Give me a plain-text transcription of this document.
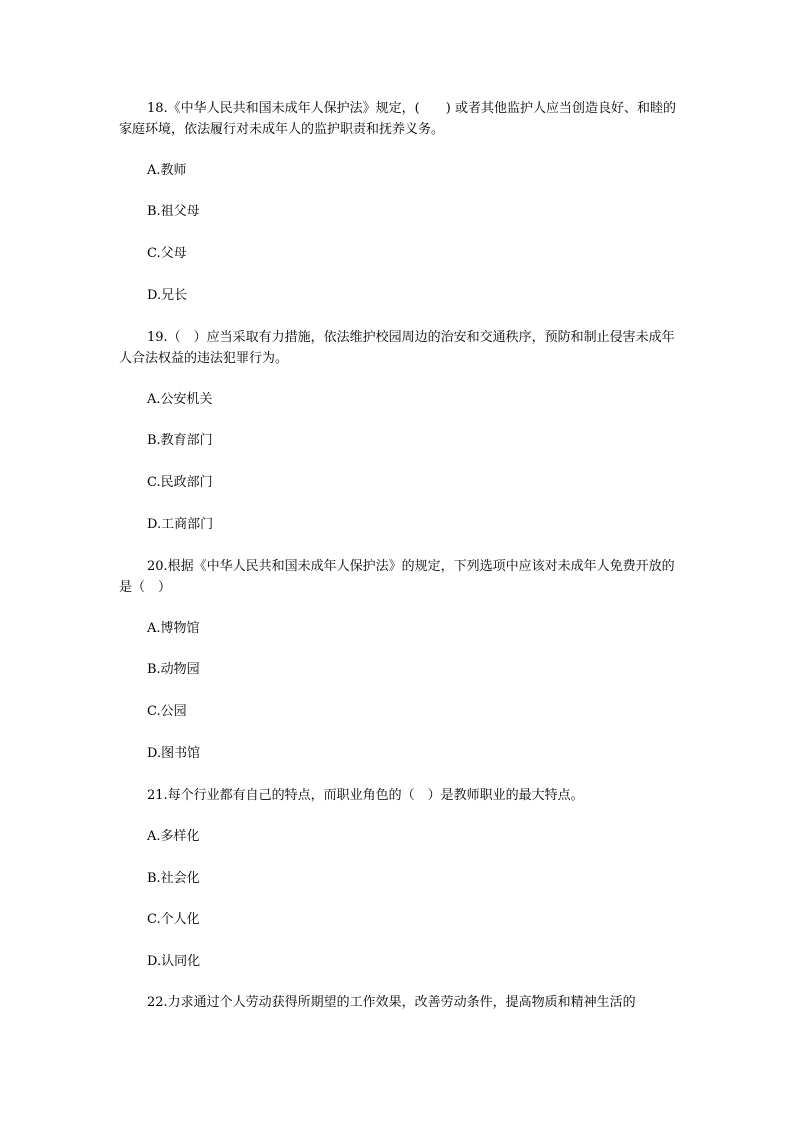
18.《中华人民共和国未成年人保护法》规定，(　　) 或者其他监护人应当创造良好、和睦的家庭环境，依法履行对未成年人的监护职责和抚养义务。

A.教师

B.祖父母

C.父母

D.兄长

19.（　）应当采取有力措施，依法维护校园周边的治安和交通秩序，预防和制止侵害未成年人合法权益的违法犯罪行为。

A.公安机关

B.教育部门

C.民政部门

D.工商部门

20.根据《中华人民共和国未成年人保护法》的规定，下列选项中应该对未成年人免费开放的是（　）

A.博物馆

B.动物园

C.公园

D.图书馆

21.每个行业都有自己的特点，而职业角色的（　）是教师职业的最大特点。

A.多样化

B.社会化

C.个人化

D.认同化

22.力求通过个人劳动获得所期望的工作效果，改善劳动条件，提高物质和精神生活的
